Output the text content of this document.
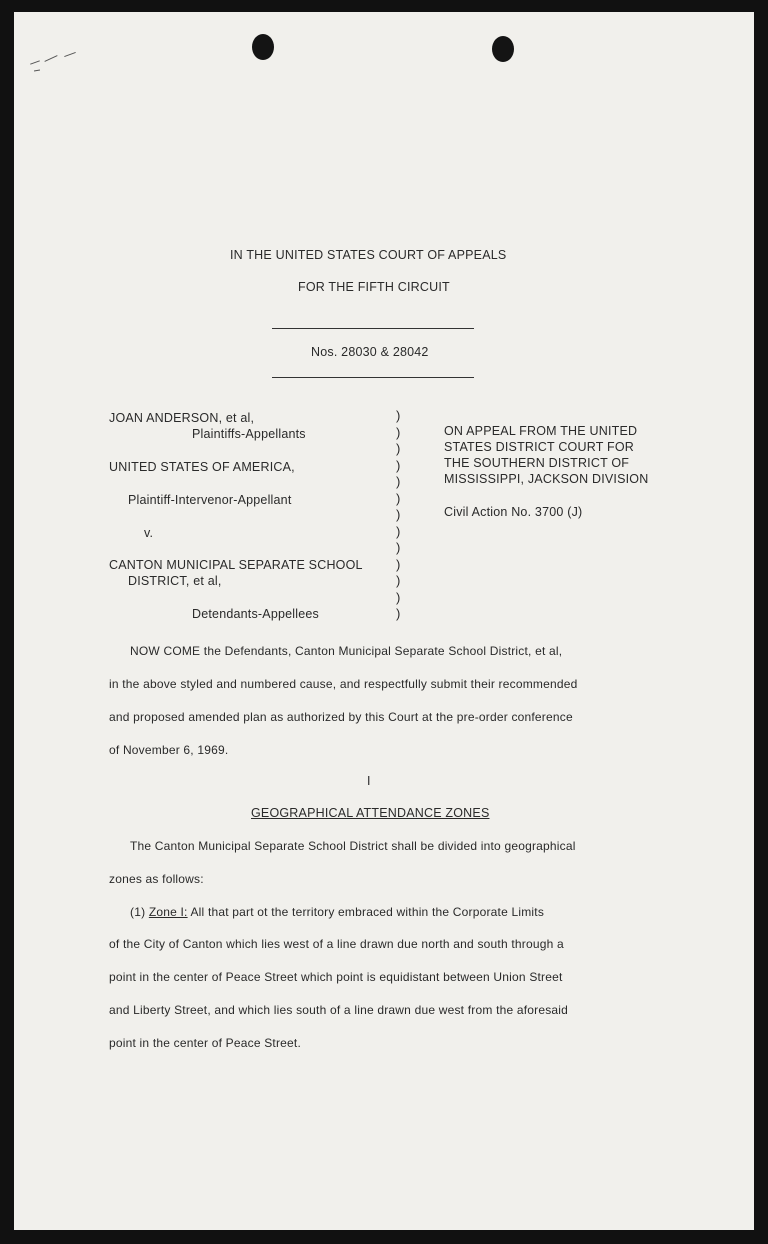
IN THE UNITED STATES COURT OF APPEALS
FOR THE FIFTH CIRCUIT
Nos. 28030 & 28042
JOAN ANDERSON, et al,
Plaintiffs-Appellants
UNITED STATES OF AMERICA,
Plaintiff-Intervenor-Appellant
v.
CANTON MUNICIPAL SEPARATE SCHOOL
DISTRICT, et al,
Detendants-Appellees
)
)
)
)
)
)
)
)
)
)
)
)
)
ON APPEAL FROM THE UNITED
STATES DISTRICT COURT FOR
THE SOUTHERN DISTRICT OF
MISSISSIPPI, JACKSON DIVISION
Civil Action No. 3700 (J)
NOW COME the Defendants, Canton Municipal Separate School District, et al,
in the above styled and numbered cause, and respectfully submit their recommended
and proposed amended plan as authorized by this Court at the pre-order conference
of November 6, 1969.
I
GEOGRAPHICAL ATTENDANCE ZONES
The Canton Municipal Separate School District shall be divided into geographical
zones as follows:
(1) Zone I: All that part ot the territory embraced within the Corporate Limits
of the City of Canton which lies west of a line drawn due north and south through a
point in the center of Peace Street which point is equidistant between Union Street
and Liberty Street, and which lies south of a line drawn due west from the aforesaid
point in the center of Peace Street.
